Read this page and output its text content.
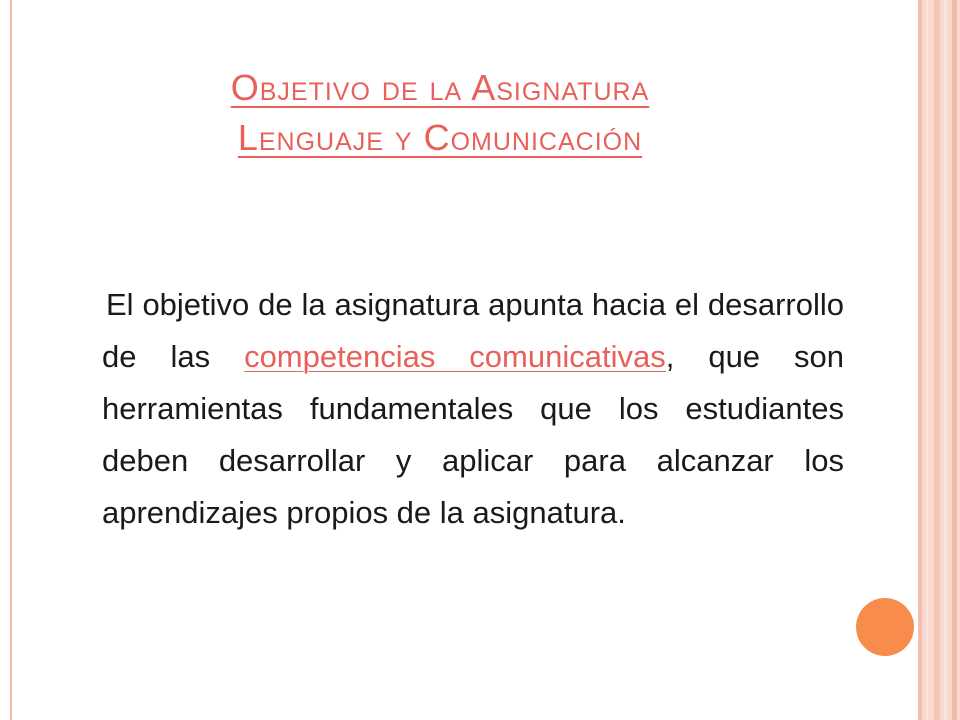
Objetivo de la Asignatura
Lenguaje y Comunicación

El objetivo de la asignatura apunta hacia el desarrollo de las competencias comunicativas, que son herramientas fundamentales que los estudiantes deben desarrollar y aplicar para alcanzar los aprendizajes propios de la asignatura.
